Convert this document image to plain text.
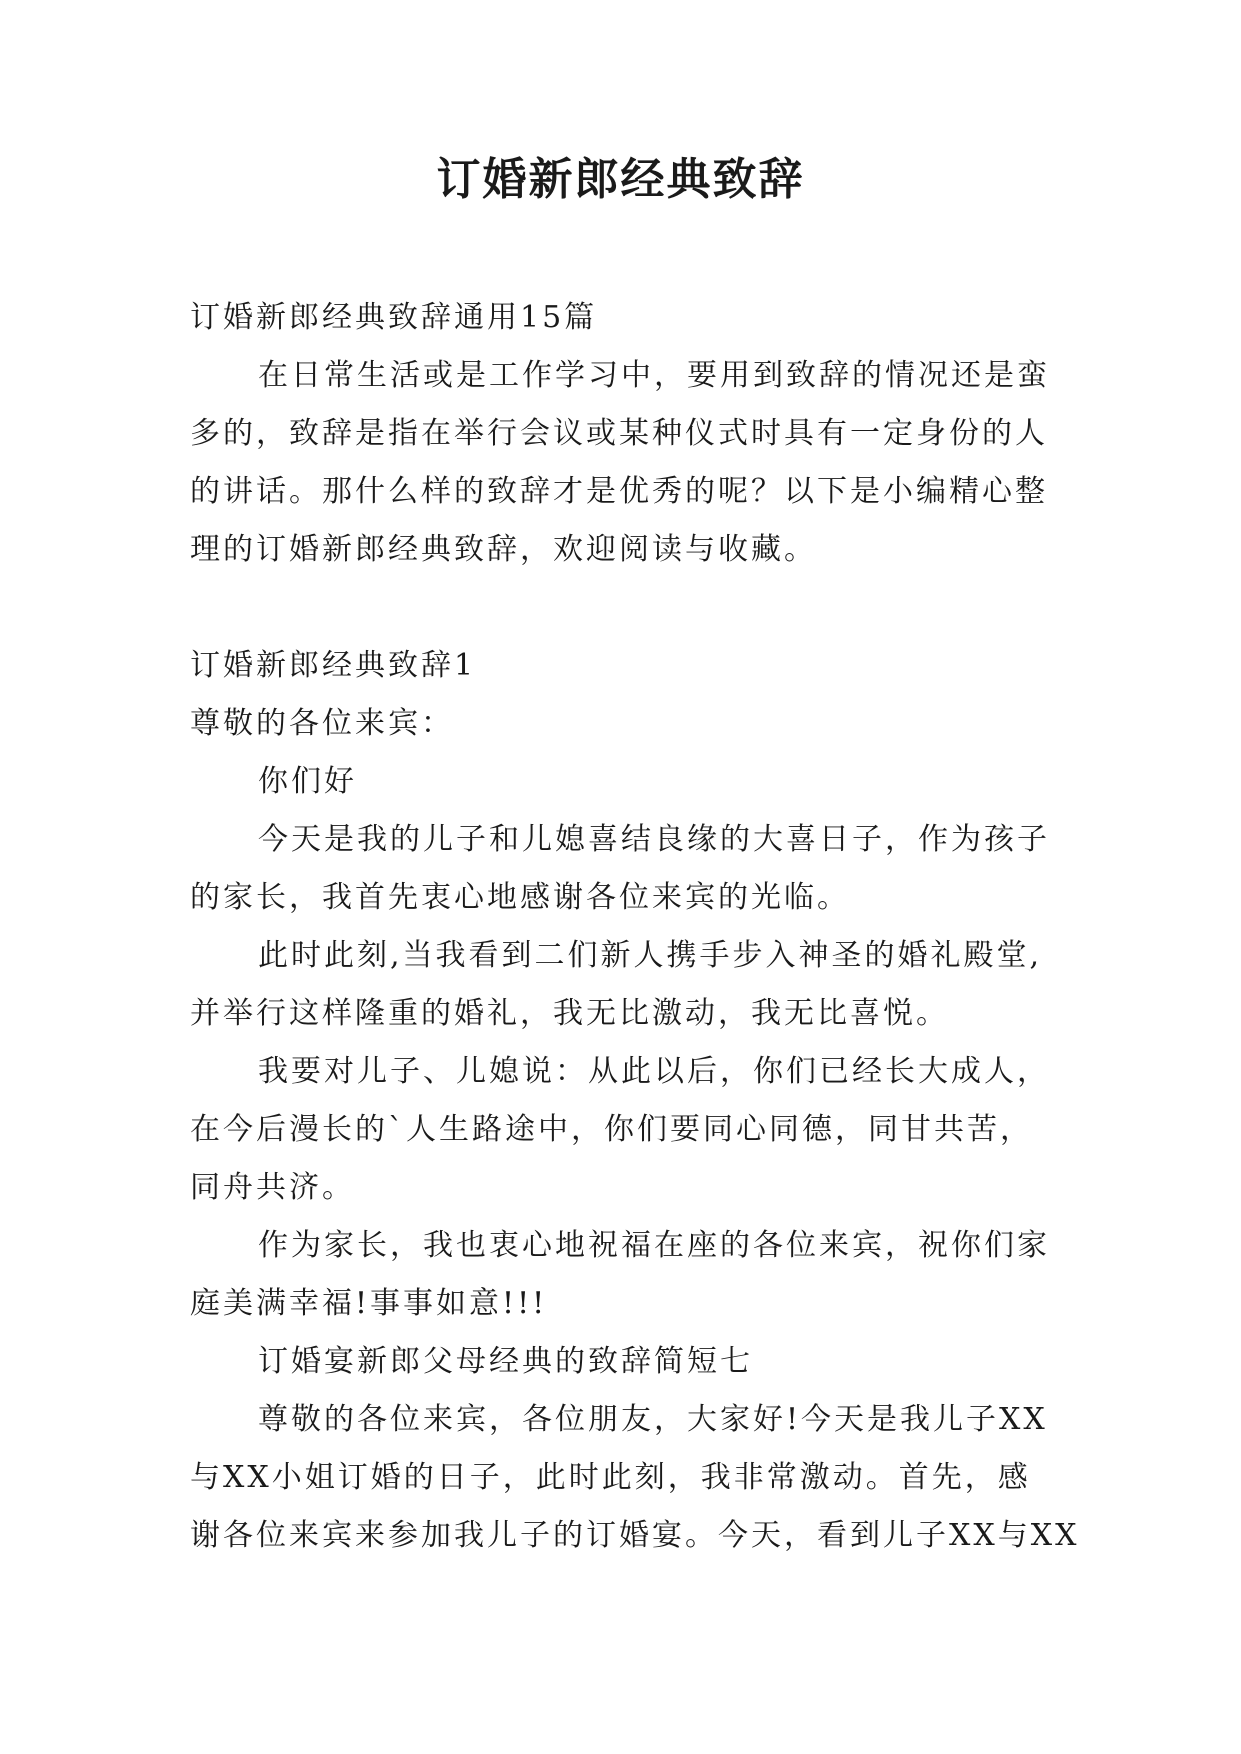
订婚新郎经典致辞

订婚新郎经典致辞通用15篇

在日常生活或是工作学习中，要用到致辞的情况还是蛮

多的，致辞是指在举行会议或某种仪式时具有一定身份的人

的讲话。那什么样的致辞才是优秀的呢？以下是小编精心整

理的订婚新郎经典致辞，欢迎阅读与收藏。

订婚新郎经典致辞1

尊敬的各位来宾：

你们好

今天是我的儿子和儿媳喜结良缘的大喜日子，作为孩子

的家长，我首先衷心地感谢各位来宾的光临。

此时此刻,当我看到二们新人携手步入神圣的婚礼殿堂,

并举行这样隆重的婚礼，我无比激动，我无比喜悦。

我要对儿子、儿媳说：从此以后，你们已经长大成人，

在今后漫长的`人生路途中，你们要同心同德，同甘共苦，

同舟共济。

作为家长，我也衷心地祝福在座的各位来宾，祝你们家

庭美满幸福!事事如意!!!

订婚宴新郎父母经典的致辞简短七

尊敬的各位来宾，各位朋友，大家好!今天是我儿子XX

与XX小姐订婚的日子，此时此刻，我非常激动。首先，感

谢各位来宾来参加我儿子的订婚宴。今天，看到儿子XX与XX
